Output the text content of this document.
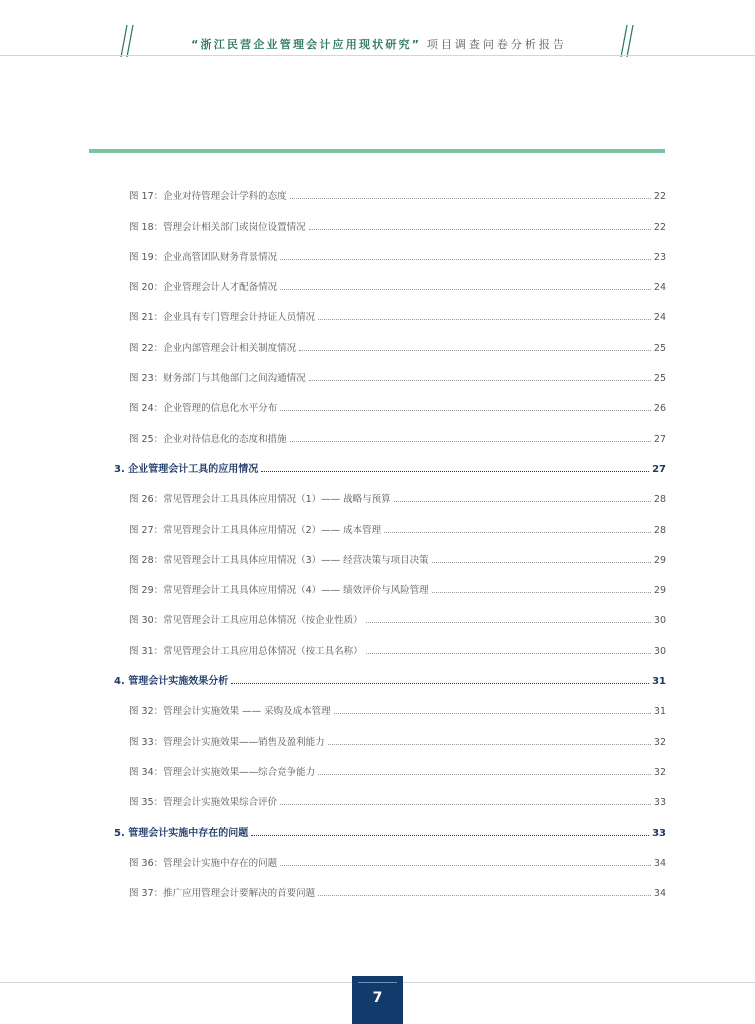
“浙江民营企业管理会计应用现状研究” 项目调查问卷分析报告
图 17：企业对待管理会计学科的态度	22
图 18：管理会计相关部门或岗位设置情况	22
图 19：企业高管团队财务背景情况	23
图 20：企业管理会计人才配备情况	24
图 21：企业具有专门管理会计持证人员情况	24
图 22：企业内部管理会计相关制度情况	25
图 23：财务部门与其他部门之间沟通情况	25
图 24：企业管理的信息化水平分布	26
图 25：企业对待信息化的态度和措施	27
3. 企业管理会计工具的应用情况	27
图 26：常见管理会计工具具体应用情况（1）—— 战略与预算	28
图 27：常见管理会计工具具体应用情况（2）—— 成本管理	28
图 28：常见管理会计工具具体应用情况（3）—— 经营决策与项目决策	29
图 29：常见管理会计工具具体应用情况（4）—— 绩效评价与风险管理	29
图 30：常见管理会计工具应用总体情况（按企业性质）	30
图 31：常见管理会计工具应用总体情况（按工具名称）	30
4. 管理会计实施效果分析	31
图 32：管理会计实施效果 —— 采购及成本管理	31
图 33：管理会计实施效果——销售及盈利能力	32
图 34：管理会计实施效果——综合竞争能力	32
图 35：管理会计实施效果综合评价	33
5. 管理会计实施中存在的问题	33
图 36：管理会计实施中存在的问题	34
图 37：推广应用管理会计要解决的首要问题	34
7
